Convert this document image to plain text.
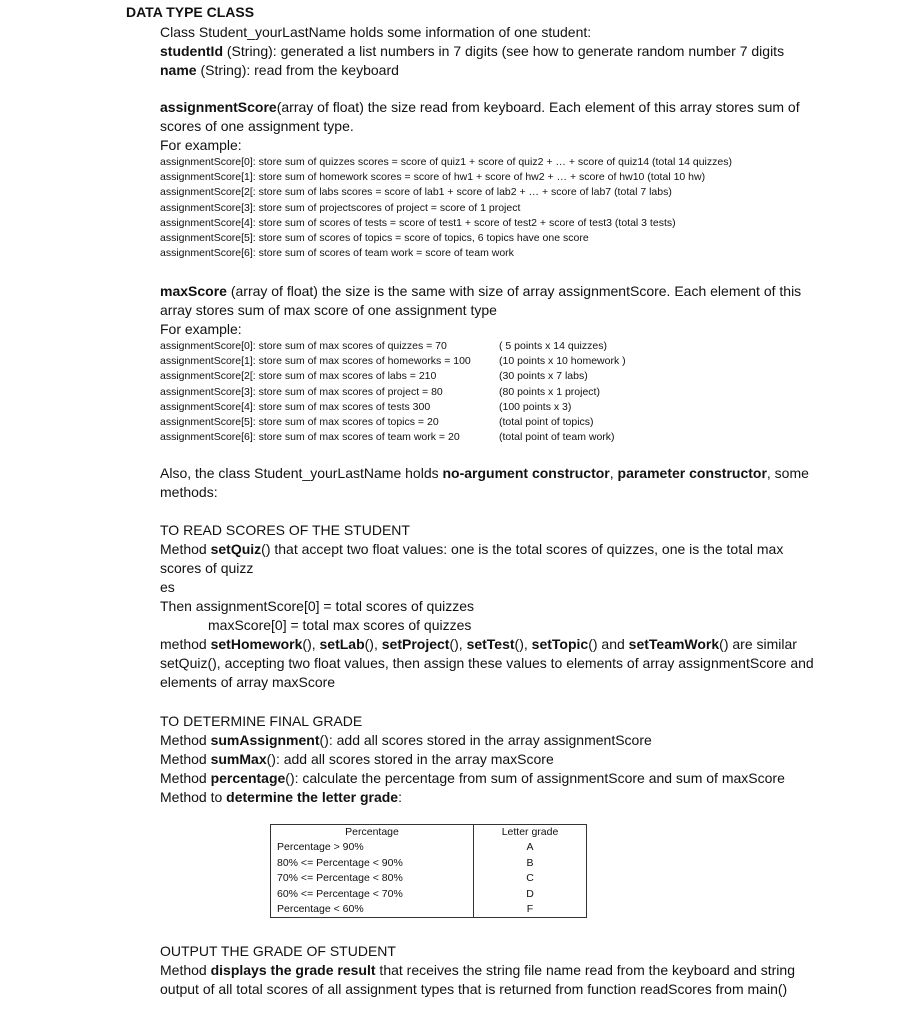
DATA TYPE CLASS

Class Student_yourLastName holds some information of one student:

studentId (String): generated a list numbers in 7 digits (see how to generate random number 7 digits

name (String): read from the keyboard

assignmentScore(array of float) the size read from keyboard. Each element of this array stores sum of

scores of one assignment type.

For example:

assignmentScore[0]: store sum of quizzes scores = score of quiz1 + score of quiz2 + … + score of quiz14 (total 14 quizzes)

assignmentScore[1]: store sum of homework scores = score of hw1 + score of hw2 + … + score of hw10 (total 10 hw)

assignmentScore[2[: store sum of labs scores = score of lab1 + score of lab2 + … + score of lab7 (total 7 labs)

assignmentScore[3]: store sum of projectscores of project = score of 1 project

assignmentScore[4]: store sum of scores of tests = score of test1 + score of test2 + score of test3 (total 3 tests)

assignmentScore[5]: store sum of scores of topics = score of topics, 6 topics have one score

assignmentScore[6]: store sum of scores of team work = score of team work

maxScore (array of float) the size is the same with size of array assignmentScore. Each element of this

array stores sum of max score of one assignment type

For example:

assignmentScore[0]: store sum of max scores of quizzes = 70	( 5 points x 14 quizzes)
assignmentScore[1]: store sum of max scores of homeworks = 100	(10 points x 10 homework )
assignmentScore[2[: store sum of max scores of labs = 210	(30 points x 7 labs)
assignmentScore[3]: store sum of max scores of project = 80	(80 points x 1 project)
assignmentScore[4]: store sum of max scores of tests 300	(100 points x 3)
assignmentScore[5]: store sum of max scores of topics = 20	(total point of topics)
assignmentScore[6]: store sum of max scores of team work = 20	(total point of team work)

Also, the class Student_yourLastName holds no-argument constructor, parameter constructor, some

methods:

TO READ SCORES OF THE STUDENT

Method setQuiz() that accept two float values: one is the total scores of quizzes, one is the total max

scores of quizz

es

Then assignmentScore[0] = total scores of quizzes

maxScore[0] = total max scores of quizzes

method setHomework(), setLab(), setProject(), setTest(), setTopic() and setTeamWork() are similar

setQuiz(), accepting two float values, then assign these values to elements of array assignmentScore and

elements of array maxScore

TO DETERMINE FINAL GRADE

Method sumAssignment(): add all scores stored in the array assignmentScore

Method sumMax(): add all scores stored in the array maxScore

Method percentage(): calculate the percentage from sum of assignmentScore and sum of maxScore

Method to determine the letter grade:

Percentage	Letter grade
Percentage > 90%	A
80% <= Percentage < 90%	B
70% <= Percentage < 80%	C
60% <= Percentage < 70%	D
Percentage < 60%	F

OUTPUT THE GRADE OF STUDENT

Method displays the grade result that receives the string file name read from the keyboard and string

output of all total scores of all assignment types that is returned from function readScores from main()
